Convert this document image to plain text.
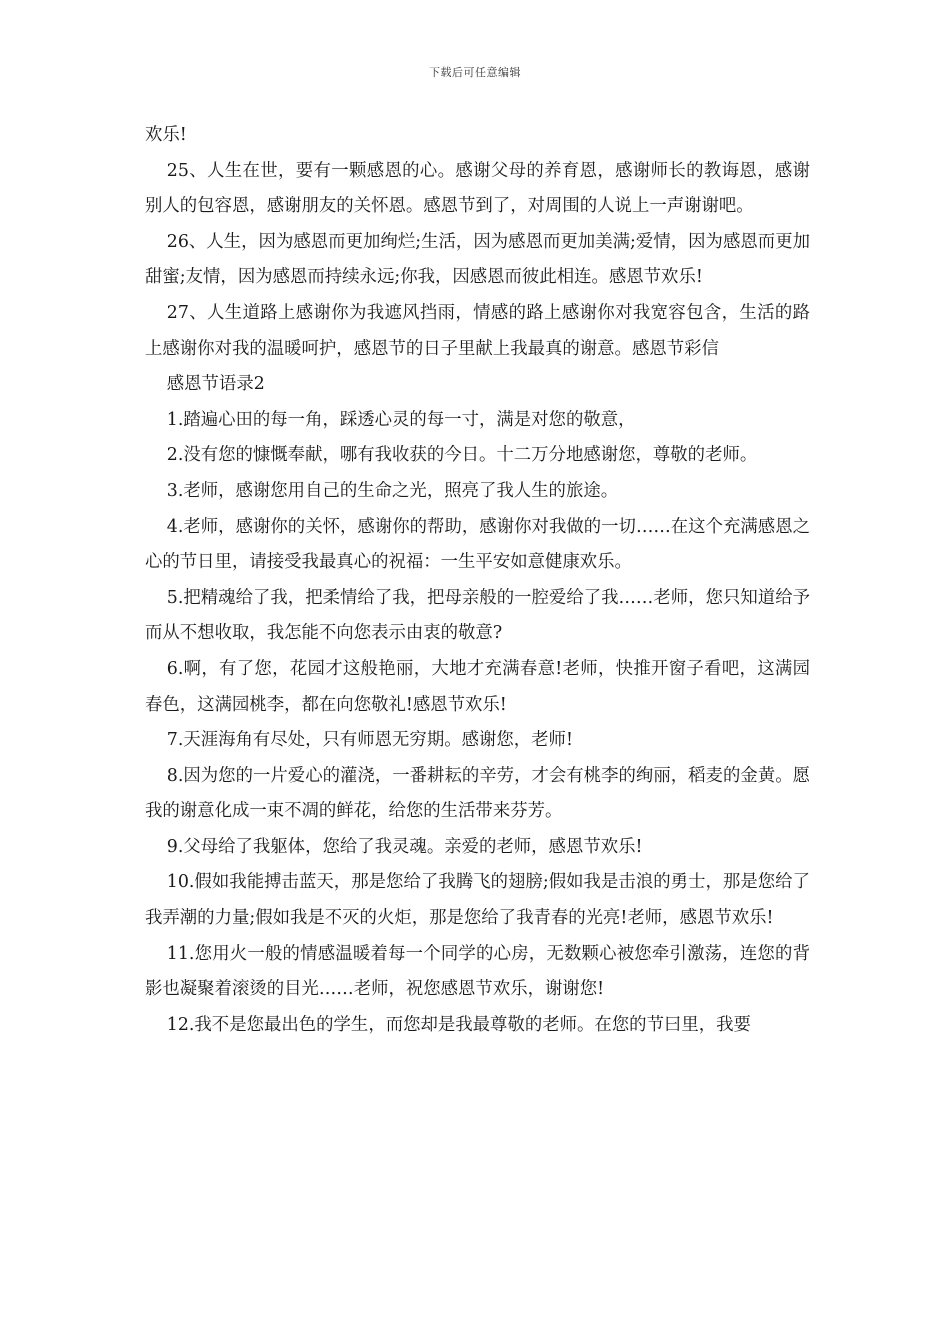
下载后可任意编辑

欢乐!

25、人生在世，要有一颗感恩的心。感谢父母的养育恩，感谢师长的教诲恩，感谢别人的包容恩，感谢朋友的关怀恩。感恩节到了，对周围的人说上一声谢谢吧。

26、人生，因为感恩而更加绚烂;生活，因为感恩而更加美满;爱情，因为感恩而更加甜蜜;友情，因为感恩而持续永远;你我，因感恩而彼此相连。感恩节欢乐!

27、人生道路上感谢你为我遮风挡雨，情感的路上感谢你对我宽容包含，生活的路上感谢你对我的温暖呵护，感恩节的日子里献上我最真的谢意。感恩节彩信

感恩节语录2

1.踏遍心田的每一角，踩透心灵的每一寸，满是对您的敬意，

2.没有您的慷慨奉献，哪有我收获的今日。十二万分地感谢您，尊敬的老师。

3.老师，感谢您用自己的生命之光，照亮了我人生的旅途。

4.老师，感谢你的关怀，感谢你的帮助，感谢你对我做的一切……在这个充满感恩之心的节日里，请接受我最真心的祝福：一生平安如意健康欢乐。

5.把精魂给了我，把柔情给了我，把母亲般的一腔爱给了我……老师，您只知道给予而从不想收取，我怎能不向您表示由衷的敬意?

6.啊，有了您，花园才这般艳丽，大地才充满春意!老师，快推开窗子看吧，这满园春色，这满园桃李，都在向您敬礼!感恩节欢乐!

7.天涯海角有尽处，只有师恩无穷期。感谢您，老师!

8.因为您的一片爱心的灌浇，一番耕耘的辛劳，才会有桃李的绚丽，稻麦的金黄。愿我的谢意化成一束不凋的鲜花，给您的生活带来芬芳。

9.父母给了我躯体，您给了我灵魂。亲爱的老师，感恩节欢乐!

10.假如我能搏击蓝天，那是您给了我腾飞的翅膀;假如我是击浪的勇士，那是您给了我弄潮的力量;假如我是不灭的火炬，那是您给了我青春的光亮!老师，感恩节欢乐!

11.您用火一般的情感温暖着每一个同学的心房，无数颗心被您牵引激荡，连您的背影也凝聚着滚烫的目光……老师，祝您感恩节欢乐，谢谢您!

12.我不是您最出色的学生，而您却是我最尊敬的老师。在您的节曰里，我要
